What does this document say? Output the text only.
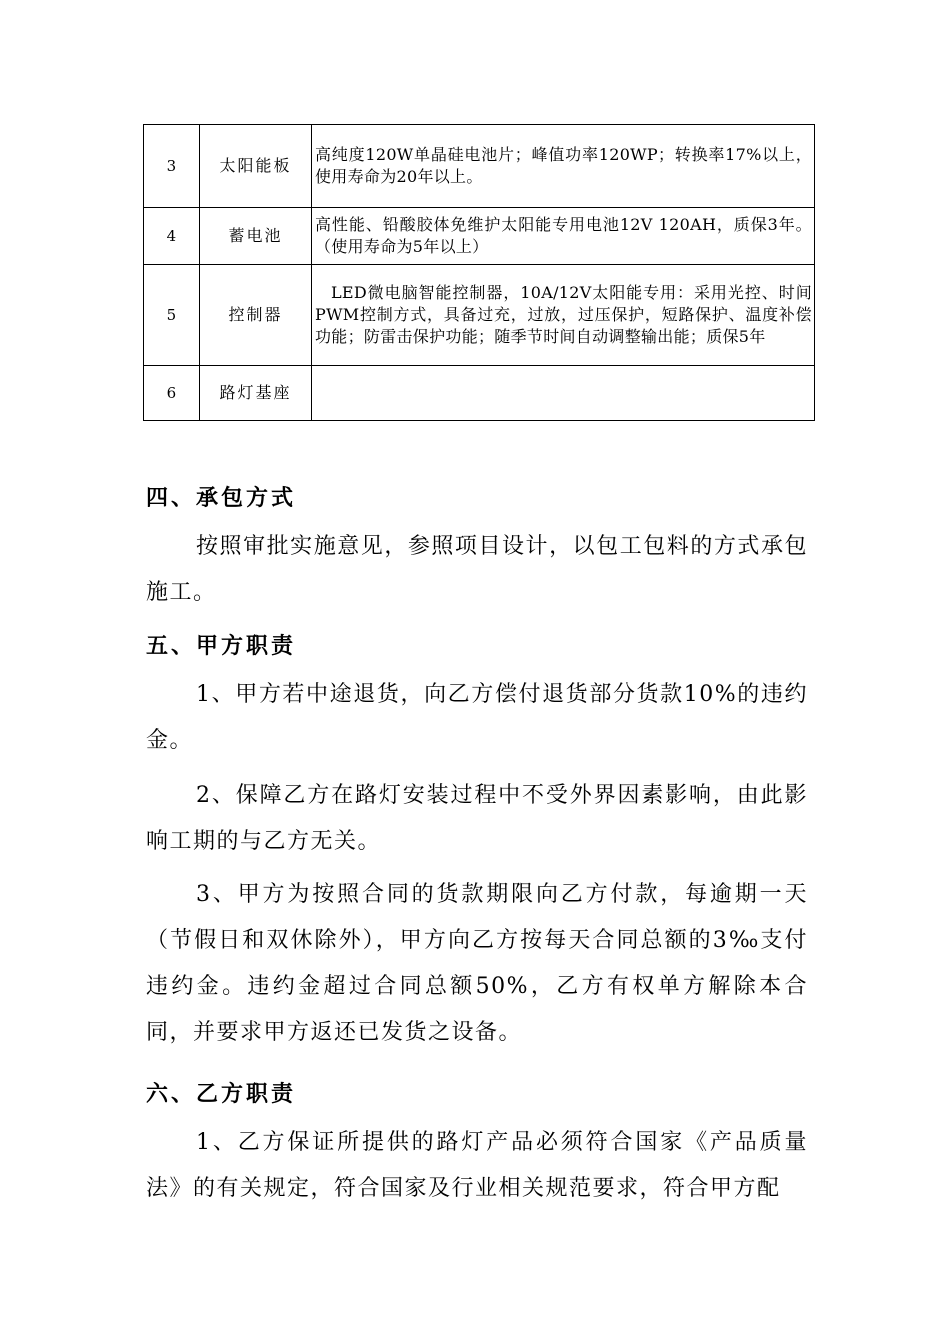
3	太阳能板	高纯度120W单晶硅电池片；峰值功率120WP；转换率17%以上，使用寿命为20年以上。
4	蓄电池	高性能、铅酸胶体免维护太阳能专用电池12V 120AH，质保3年。（使用寿命为5年以上）
5	控制器	LED微电脑智能控制器，10A/12V太阳能专用：采用光控、时间PWM控制方式，具备过充，过放，过压保护，短路保护、温度补偿功能；防雷击保护功能；随季节时间自动调整输出能；质保5年
6	路灯基座	
四、承包方式

按照审批实施意见，参照项目设计，以包工包料的方式承包施工。

五、甲方职责

1、甲方若中途退货，向乙方偿付退货部分货款10%的违约金。

2、保障乙方在路灯安装过程中不受外界因素影响，由此影响工期的与乙方无关。

3、甲方为按照合同的货款期限向乙方付款，每逾期一天（节假日和双休除外），甲方向乙方按每天合同总额的3‰支付违约金。违约金超过合同总额50%，乙方有权单方解除本合同，并要求甲方返还已发货之设备。

六、乙方职责

1、乙方保证所提供的路灯产品必须符合国家《产品质量法》的有关规定，符合国家及行业相关规范要求，符合甲方配
